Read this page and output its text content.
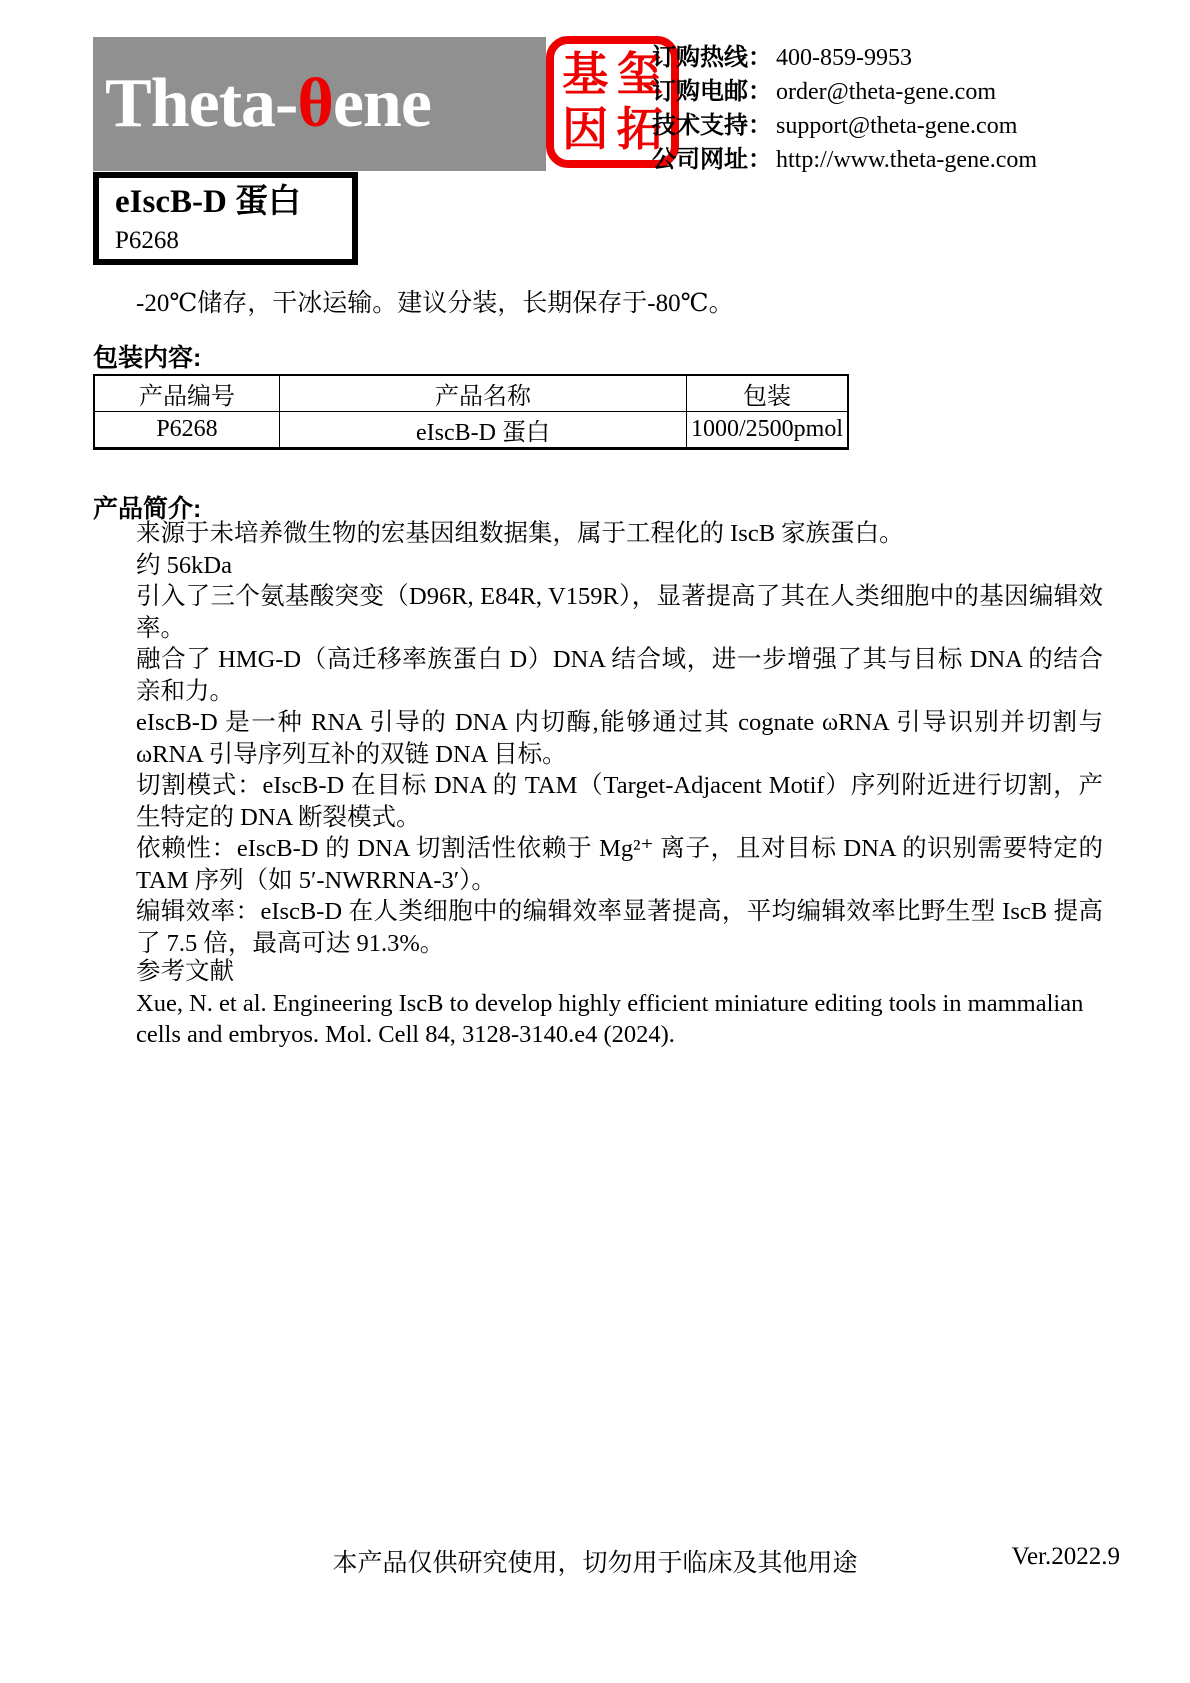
Theta-θene	基 玺
因 拓
订购热线： 400-859-9953
订购电邮： order@theta-gene.com
技术支持： support@theta-gene.com
公司网址： http://www.theta-gene.com
eIscB-D 蛋白
P6268
-20℃储存，干冰运输。建议分装，长期保存于-80℃。
包装内容:
产品编号	产品名称	包装
P6268	eIscB-D 蛋白	1000/2500pmol
产品简介:

来源于未培养微生物的宏基因组数据集，属于工程化的 IscB 家族蛋白。

约 56kDa

引入了三个氨基酸突变（D96R, E84R, V159R），显著提高了其在人类细胞中的基因编辑效率。

融合了 HMG-D（高迁移率族蛋白 D）DNA 结合域，进一步增强了其与目标 DNA 的结合亲和力。

eIscB-D 是一种 RNA 引导的 DNA 内切酶,能够通过其 cognate ωRNA 引导识别并切割与ωRNA 引导序列互补的双链 DNA 目标。

切割模式：eIscB-D 在目标 DNA 的 TAM（Target-Adjacent Motif）序列附近进行切割，产生特定的 DNA 断裂模式。

依赖性：eIscB-D 的 DNA 切割活性依赖于 Mg²⁺ 离子，且对目标 DNA 的识别需要特定的 TAM 序列（如 5′-NWRRNA-3′）。

编辑效率：eIscB-D 在人类细胞中的编辑效率显著提高，平均编辑效率比野生型 IscB 提高了 7.5 倍，最高可达 91.3%。

参考文献

Xue, N. et al. Engineering IscB to develop highly efficient miniature editing tools in mammalian cells and embryos. Mol. Cell 84, 3128-3140.e4 (2024).

本产品仅供研究使用，切勿用于临床及其他用途	Ver.2022.9
